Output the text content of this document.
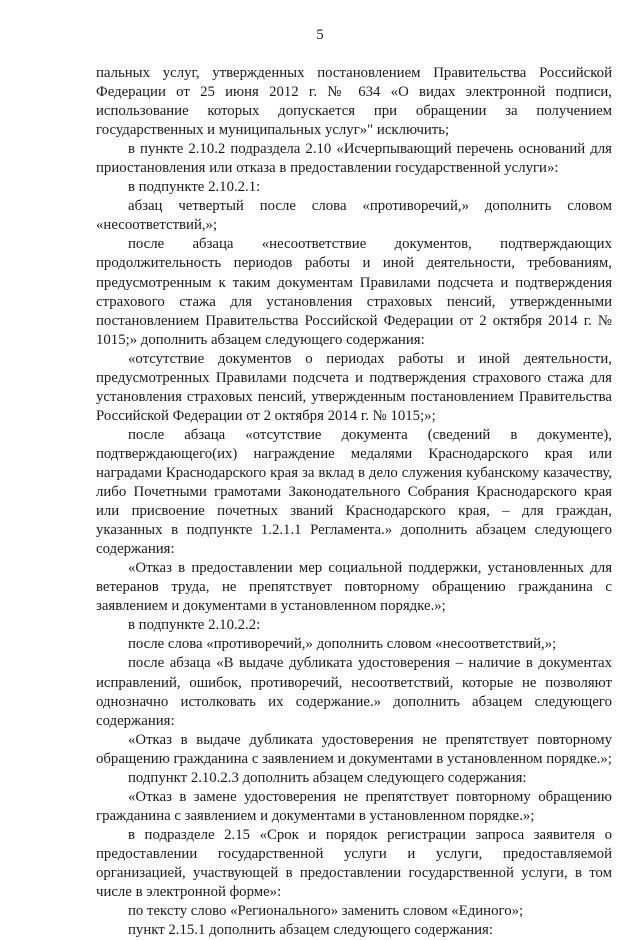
5

пальных услуг, утвержденных постановлением Правительства Российской Федерации от 25 июня 2012 г. № 634 «О видах электронной подписи, использование которых допускается при обращении за получением государственных и муниципальных услуг»" исключить;

в пункте 2.10.2 подраздела 2.10 «Исчерпывающий перечень оснований для приостановления или отказа в предоставлении государственной услуги»:

в подпункте 2.10.2.1:

абзац четвертый после слова «противоречий,» дополнить словом «несоответствий,»;

после абзаца «несоответствие документов, подтверждающих продолжительность периодов работы и иной деятельности, требованиям, предусмотренным к таким документам Правилами подсчета и подтверждения страхового стажа для установления страховых пенсий, утвержденными постановлением Правительства Российской Федерации от 2 октября 2014 г. № 1015;» дополнить абзацем следующего содержания:

«отсутствие документов о периодах работы и иной деятельности, предусмотренных Правилами подсчета и подтверждения страхового стажа для установления страховых пенсий, утвержденным постановлением Правительства Российской Федерации от 2 октября 2014 г. № 1015;»;

после абзаца «отсутствие документа (сведений в документе), подтверждающего(их) награждение медалями Краснодарского края или наградами Краснодарского края за вклад в дело служения кубанскому казачеству, либо Почетными грамотами Законодательного Собрания Краснодарского края или присвоение почетных званий Краснодарского края, – для граждан, указанных в подпункте 1.2.1.1 Регламента.» дополнить абзацем следующего содержания:

«Отказ в предоставлении мер социальной поддержки, установленных для ветеранов труда, не препятствует повторному обращению гражданина с заявлением и документами в установленном порядке.»;

в подпункте 2.10.2.2:

после слова «противоречий,» дополнить словом «несоответствий,»;

после абзаца «В выдаче дубликата удостоверения – наличие в документах исправлений, ошибок, противоречий, несоответствий, которые не позволяют однозначно истолковать их содержание.» дополнить абзацем следующего содержания:

«Отказ в выдаче дубликата удостоверения не препятствует повторному обращению гражданина с заявлением и документами в установленном порядке.»;

подпункт 2.10.2.3 дополнить абзацем следующего содержания:

«Отказ в замене удостоверения не препятствует повторному обращению гражданина с заявлением и документами в установленном порядке.»;

в подразделе 2.15 «Срок и порядок регистрации запроса заявителя о предоставлении государственной услуги и услуги, предоставляемой организацией, участвующей в предоставлении государственной услуги, в том числе в электронной форме»:

по тексту слово «Регионального» заменить словом «Единого»;

пункт 2.15.1 дополнить абзацем следующего содержания:
